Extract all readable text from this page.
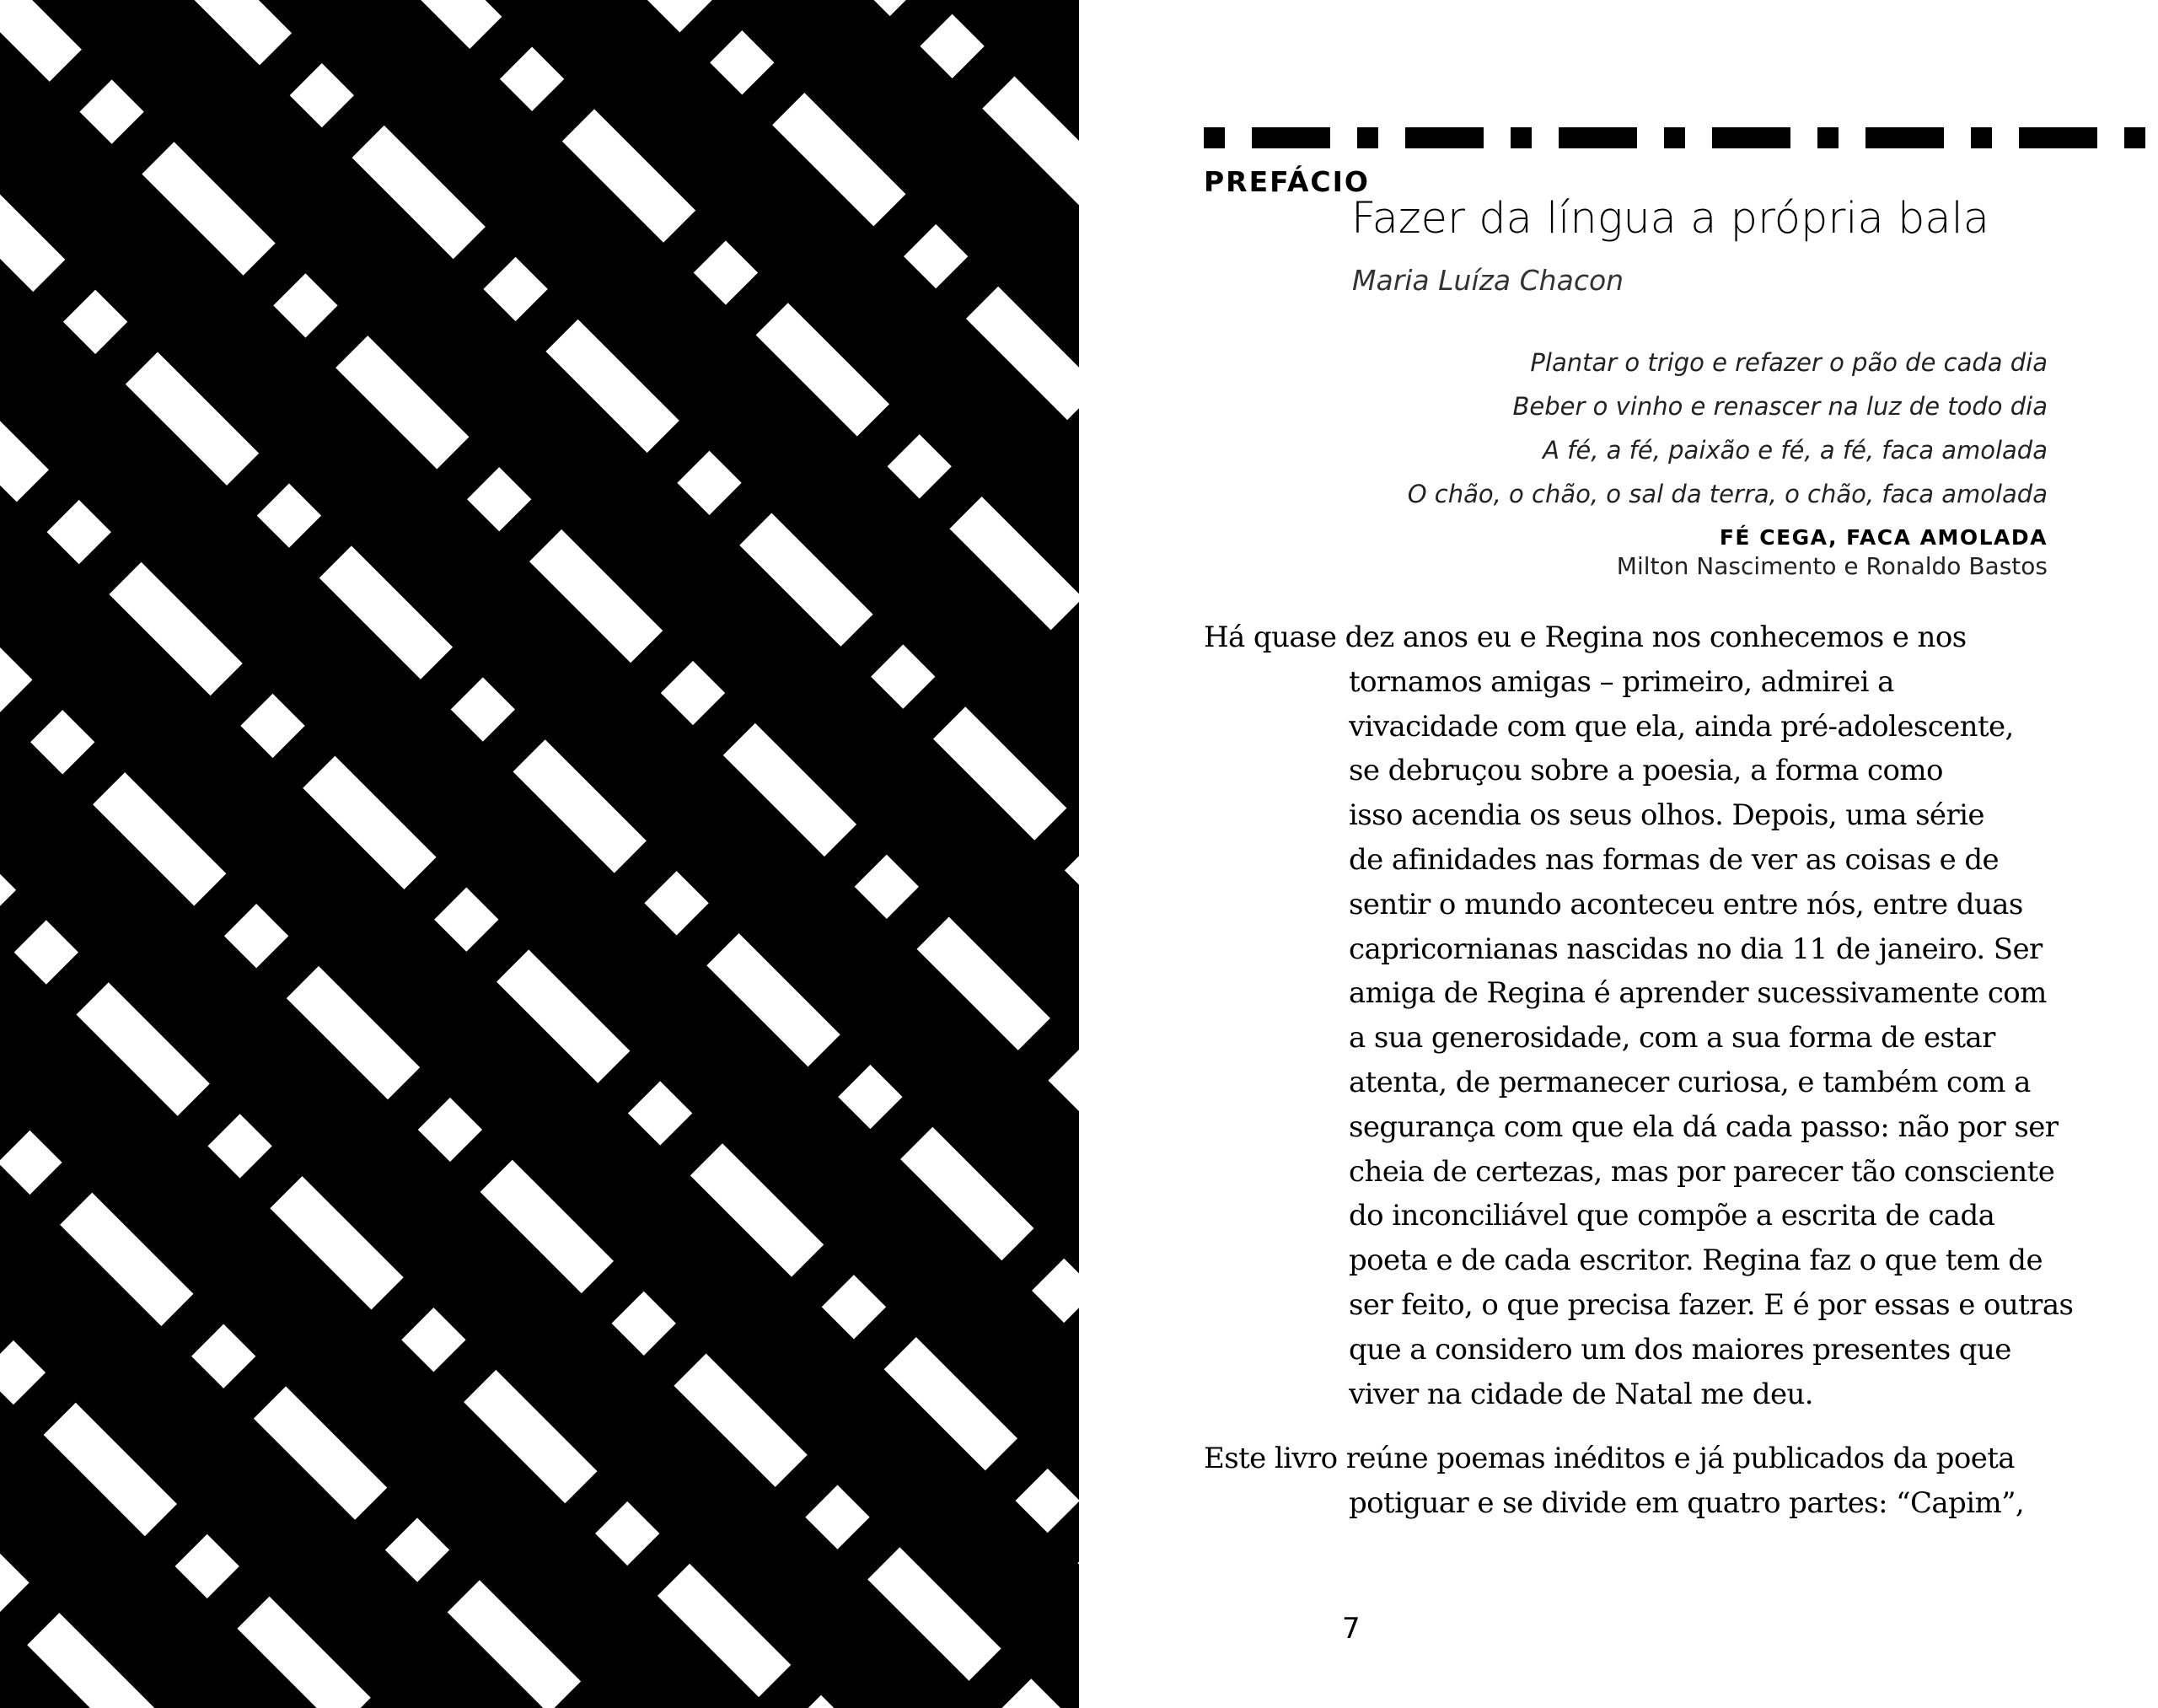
PREFÁCIO
Fazer da língua a própria bala
Maria Luíza Chacon
Plantar o trigo e refazer o pão de cada dia
Beber o vinho e renascer na luz de todo dia
A fé, a fé, paixão e fé, a fé, faca amolada
O chão, o chão, o sal da terra, o chão, faca amolada
FÉ CEGA, FACA AMOLADA
Milton Nascimento e Ronaldo Bastos
Há quase dez anos eu e Regina nos conhecemos e nos
tornamos amigas – primeiro, admirei a
vivacidade com que ela, ainda pré-adolescente,
se debruçou sobre a poesia, a forma como
isso acendia os seus olhos. Depois, uma série
de afinidades nas formas de ver as coisas e de
sentir o mundo aconteceu entre nós, entre duas
capricornianas nascidas no dia 11 de janeiro. Ser
amiga de Regina é aprender sucessivamente com
a sua generosidade, com a sua forma de estar
atenta, de permanecer curiosa, e também com a
segurança com que ela dá cada passo: não por ser
cheia de certezas, mas por parecer tão consciente
do inconciliável que compõe a escrita de cada
poeta e de cada escritor. Regina faz o que tem de
ser feito, o que precisa fazer. E é por essas e outras
que a considero um dos maiores presentes que
viver na cidade de Natal me deu.
Este livro reúne poemas inéditos e já publicados da poeta
potiguar e se divide em quatro partes: “Capim”,
7
